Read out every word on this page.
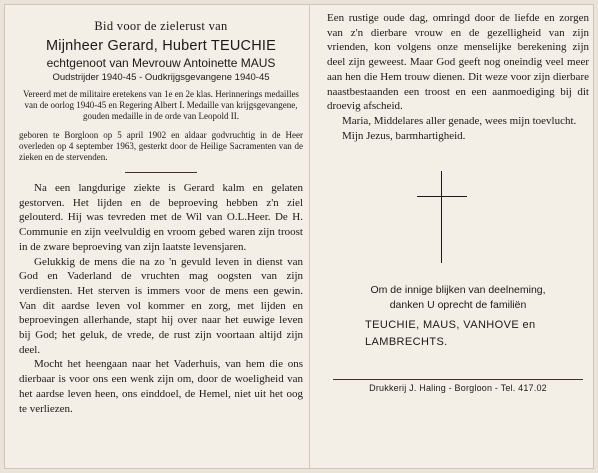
Bid voor de zielerust van
Mijnheer Gerard, Hubert TEUCHIE
echtgenoot van Mevrouw Antoinette MAUS
Oudstrijder 1940-45 - Oudkrijgsgevangene 1940-45
Vereerd met de militaire eretekens van 1e en 2e klas. Herinnerings medailles van de oorlog 1940-45 en Regering Albert I. Medaille van krijgsgevangene, gouden medaille in de orde van Leopold II.
geboren te Borgloon op 5 april 1902 en aldaar godvruchtig in de Heer overleden op 4 september 1963, gesterkt door de Heilige Sacramenten van de zieken en de stervenden.

Na een langdurige ziekte is Gerard kalm en gelaten gestorven. Het lijden en de beproeving hebben z'n ziel gelouterd. Hij was tevreden met de Wil van O.L.Heer. De H. Communie en zijn veelvuldig en vroom gebed waren zijn troost in de zware beproeving van zijn laatste levensjaren.

Gelukkig de mens die na zo 'n gevuld leven in dienst van God en Vaderland de vruchten mag oogsten van zijn verdiensten. Het sterven is immers voor de mens een gewin. Van dit aardse leven vol kommer en zorg, met lijden en beproevingen allerhande, stapt hij over naar het euwige leven bij God; het geluk, de vrede, de rust zijn voortaan altijd zijn deel.

Mocht het heengaan naar het Vaderhuis, van hem die ons dierbaar is voor ons een wenk zijn om, door de woeligheid van het aardse leven heen, ons einddoel, de Hemel, niet uit het oog te verliezen.

Een rustige oude dag, omringd door de liefde en zorgen van z'n dierbare vrouw en de gezelligheid van zijn vrienden, kon volgens onze menselijke berekening zijn deel zijn geweest. Maar God geeft nog oneindig veel meer aan hen die Hem trouw dienen. Dit weze voor zijn dierbare naastbestaanden een troost en een aanmoediging bij dit droevig afscheid.

Maria, Middelares aller genade, wees mijn toevlucht.

Mijn Jezus, barmhartigheid.

Om de innige blijken van deelneming,
danken U oprecht de familiën
TEUCHIE, MAUS, VANHOVE en
LAMBRECHTS.
Drukkerij J. Haling - Borgloon - Tel. 417.02
